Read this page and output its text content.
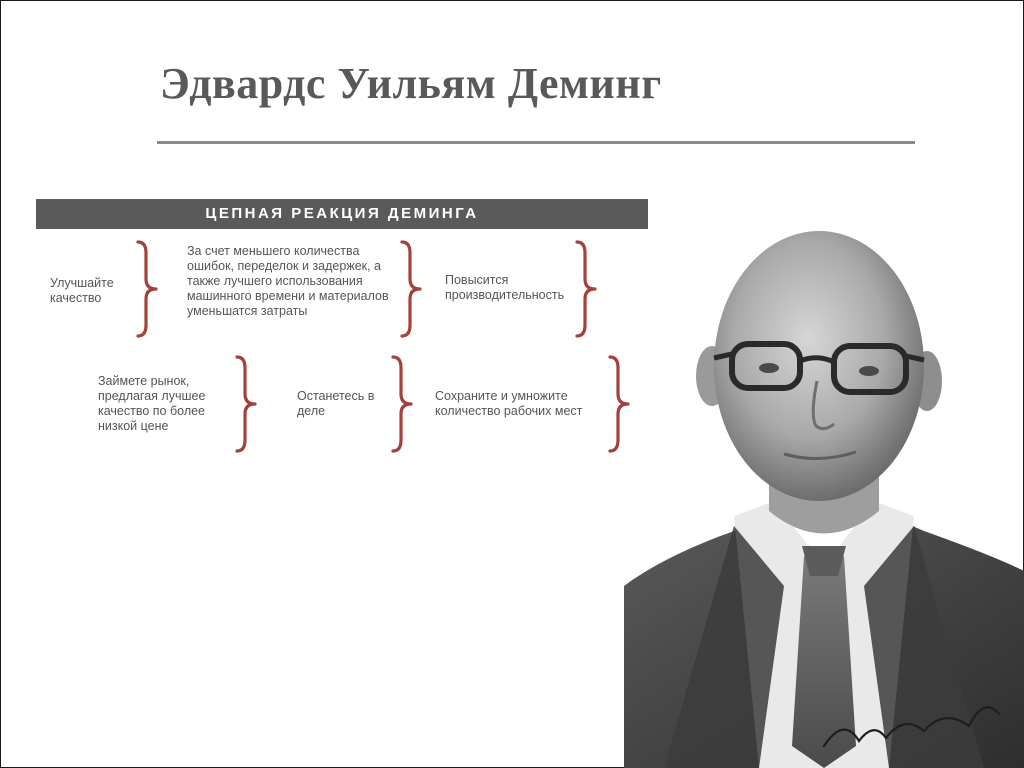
Эдвардс Уильям Деминг
ЦЕПНАЯ РЕАКЦИЯ ДЕМИНГА
Улучшайте качество
За счет меньшего количества ошибок, переделок и задержек, а также лучшего использования машинного времени и материалов уменьшатся затраты
Повысится производительность
Займете рынок, предлагая лучшее качество по более низкой цене
Останетесь в деле
Сохраните и умножите количество рабочих мест
